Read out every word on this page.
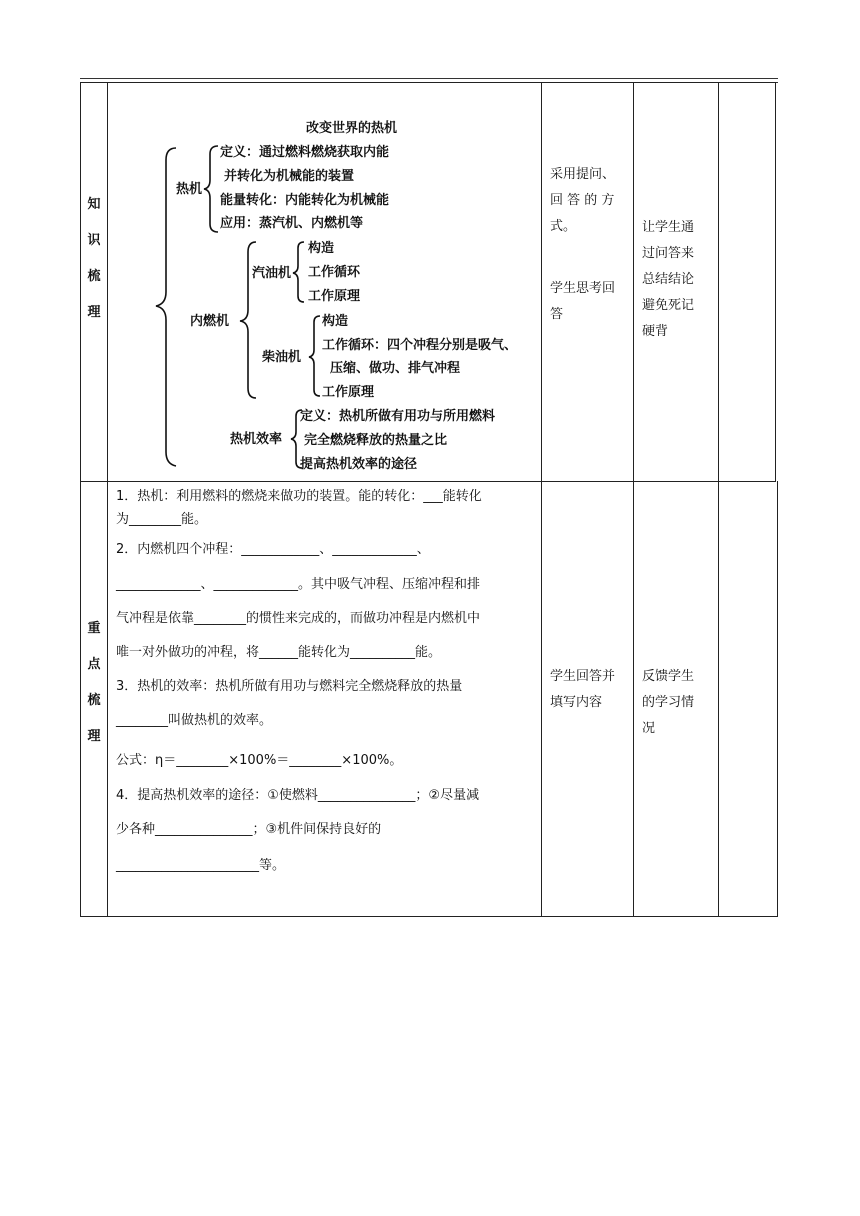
知
识
梳
理
改变世界的热机
热机
定义：通过燃料燃烧获取内能
并转化为机械能的装置
能量转化：内能转化为机械能
应用：蒸汽机、内燃机等
内燃机
汽油机
构造
工作循环
工作原理
柴油机
构造
工作循环：四个冲程分别是吸气、
压缩、做功、排气冲程
工作原理
热机效率
定义：热机所做有用功与所用燃料
完全燃烧释放的热量之比
提高热机效率的途径
采用提问、
回 答 的 方
式。
学生思考回
答
让学生通
过问答来
总结结论
避免死记
硬背
重
点
梳
理
1．热机：利用燃料的燃烧来做功的装置。能的转化：___能转化
为________能。
2．内燃机四个冲程：____________、_____________、
_____________、_____________。其中吸气冲程、压缩冲程和排
气冲程是依靠________的惯性来完成的，而做功冲程是内燃机中
唯一对外做功的冲程，将______能转化为__________能。
3．热机的效率：热机所做有用功与燃料完全燃烧释放的热量
________叫做热机的效率。
公式：η＝________×100%＝________×100%。
4．提高热机效率的途径：①使燃料_______________；②尽量减
少各种_______________；③机件间保持良好的
______________________等。
学生回答并
填写内容
反馈学生
的学习情
况
